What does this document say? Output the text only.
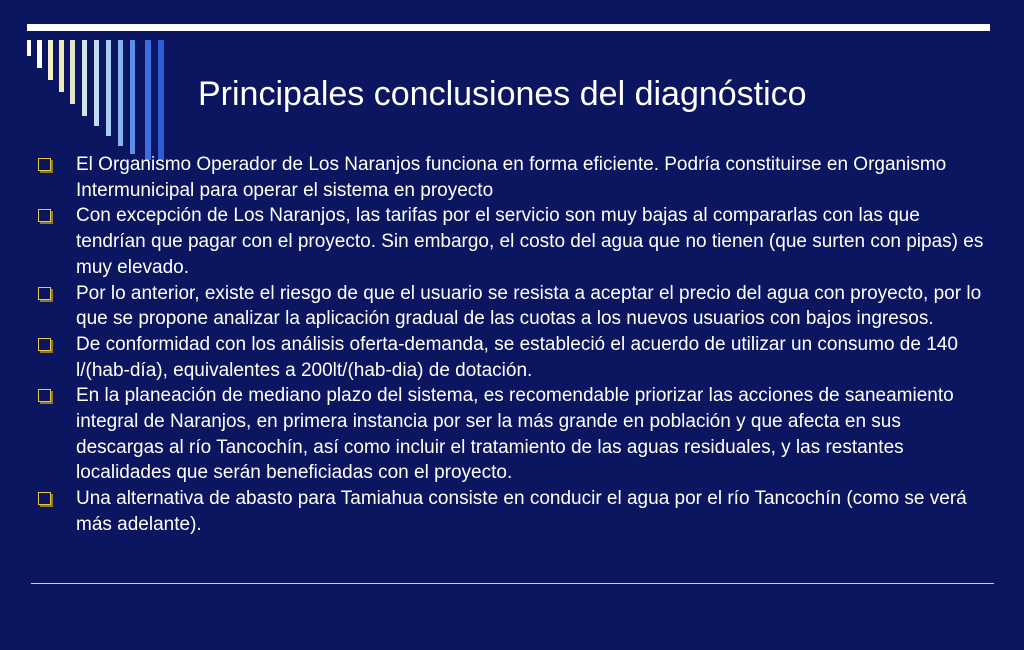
Principales conclusiones del diagnóstico
El Organismo Operador de Los Naranjos funciona en forma eficiente. Podría constituirse en Organismo Intermunicipal para operar el sistema en proyecto
Con excepción de Los Naranjos, las tarifas por el servicio son muy bajas al compararlas con las que tendrían que pagar con el proyecto. Sin embargo, el costo del agua que no tienen (que surten con pipas) es muy elevado.
Por lo anterior, existe el riesgo de que el usuario se resista a aceptar el precio del agua con proyecto, por lo que se propone analizar la aplicación gradual de las cuotas a los nuevos usuarios con bajos ingresos.
De conformidad con los análisis oferta-demanda, se estableció el acuerdo de utilizar un consumo de 140 l/(hab-día), equivalentes a 200lt/(hab-dia) de dotación.
En la planeación de mediano plazo del sistema, es recomendable priorizar las acciones de saneamiento integral de Naranjos, en primera instancia por ser la más grande en población y que afecta en sus descargas al río Tancochín, así como incluir el tratamiento de las aguas residuales, y las restantes localidades que serán beneficiadas con el proyecto.
Una alternativa de abasto para Tamiahua consiste en conducir el agua por el río Tancochín (como se verá más adelante).
